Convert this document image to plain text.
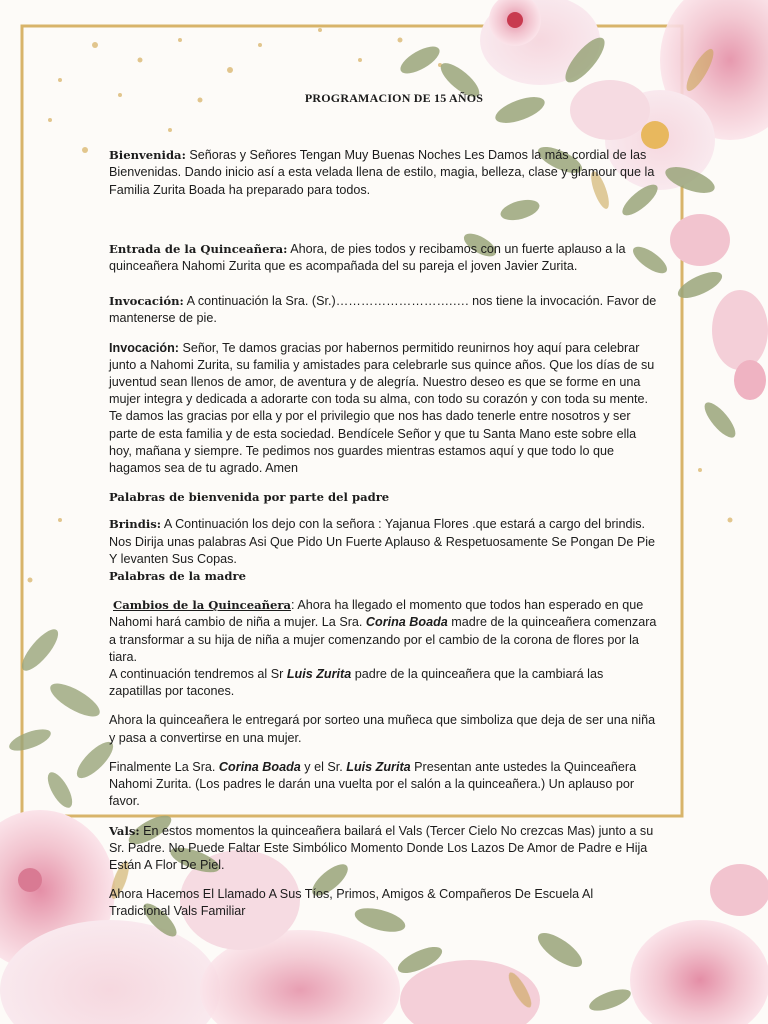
PROGRAMACION DE 15 AÑOS

Bienvenida: Señoras y Señores Tengan Muy Buenas Noches Les Damos la más cordial de las Bienvenidas. Dando inicio así a esta velada llena de estilo, magia, belleza, clase y glamour que la Familia Zurita Boada ha preparado para todos.

Entrada de la Quinceañera: Ahora, de pies todos y recibamos con un fuerte aplauso a la quinceañera Nahomi Zurita que es acompañada del su pareja el joven Javier Zurita.

Invocación: A continuación la Sra. (Sr.)……………………….…. nos tiene la invocación. Favor de mantenerse de pie.

Invocación: Señor, Te damos gracias por habernos permitido reunirnos hoy aquí para celebrar junto a Nahomi Zurita, su familia y amistades para celebrarle sus quince años. Que los días de su juventud sean llenos de amor, de aventura y de alegría. Nuestro deseo es que se forme en una mujer integra y dedicada a adorarte con toda su alma, con todo su corazón y con toda su mente. Te damos las gracias por ella y por el privilegio que nos has dado tenerle entre nosotros y ser parte de esta familia y de esta sociedad. Bendícele Señor y que tu Santa Mano este sobre ella hoy, mañana y siempre. Te pedimos nos guardes mientras estamos aquí y que todo lo que hagamos sea de tu agrado. Amen

Palabras de bienvenida por parte del padre

Brindis: A Continuación los dejo con la señora : Yajanua Flores .que estará a cargo del brindis. Nos Dirija unas palabras Asi Que Pido Un Fuerte Aplauso & Respetuosamente Se Pongan De Pie Y levanten Sus Copas.

Palabras de la madre

Cambios de la Quinceañera: Ahora ha llegado el momento que todos han esperado en que Nahomi hará cambio de niña a mujer. La Sra. Corina Boada madre de la quinceañera comenzara a transformar a su hija de niña a mujer comenzando por el cambio de la corona de flores por la tiara.
A continuación tendremos al Sr Luis Zurita padre de la quinceañera que la cambiará las zapatillas por tacones.

Ahora la quinceañera le entregará por sorteo una muñeca que simboliza que deja de ser una niña y pasa a convertirse en una mujer.

Finalmente La Sra. Corina Boada y el Sr. Luis Zurita Presentan ante ustedes la Quinceañera Nahomi Zurita. (Los padres le darán una vuelta por el salón a la quinceañera.) Un aplauso por favor.

Vals: En estos momentos la quinceañera bailará el Vals (Tercer Cielo No crezcas Mas) junto a su Sr. Padre. No Puede Faltar Este Simbólico Momento Donde Los Lazos De Amor de Padre e Hija Están A Flor De Piel.

Ahora Hacemos El Llamado A Sus Tíos, Primos, Amigos & Compañeros De Escuela Al Tradicional Vals Familiar
